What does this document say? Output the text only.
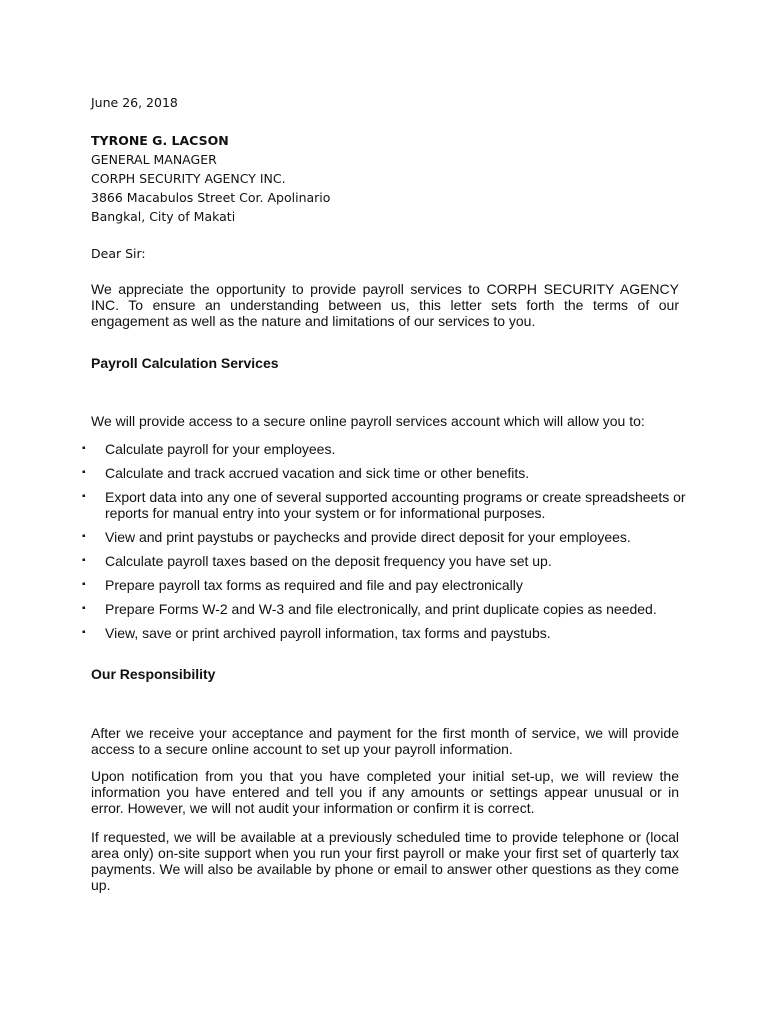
June 26, 2018
TYRONE G. LACSON
GENERAL MANAGER
CORPH SECURITY AGENCY INC.
3866 Macabulos Street Cor. Apolinario
Bangkal, City of Makati
Dear Sir:
We appreciate the opportunity to provide payroll services to CORPH SECURITY AGENCY INC. To ensure an understanding between us, this letter sets forth the terms of our engagement as well as the nature and limitations of our services to you.
Payroll Calculation Services
We will provide access to a secure online payroll services account which will allow you to:
▪ Calculate payroll for your employees.
▪ Calculate and track accrued vacation and sick time or other benefits.
▪ Export data into any one of several supported accounting programs or create spreadsheets or reports for manual entry into your system or for informational purposes.
▪ View and print paystubs or paychecks and provide direct deposit for your employees.
▪ Calculate payroll taxes based on the deposit frequency you have set up.
▪ Prepare payroll tax forms as required and file and pay electronically
▪ Prepare Forms W-2 and W-3 and file electronically, and print duplicate copies as needed.
▪ View, save or print archived payroll information, tax forms and paystubs.
Our Responsibility
After we receive your acceptance and payment for the first month of service, we will provide access to a secure online account to set up your payroll information.
Upon notification from you that you have completed your initial set-up, we will review the information you have entered and tell you if any amounts or settings appear unusual or in error. However, we will not audit your information or confirm it is correct.
If requested, we will be available at a previously scheduled time to provide telephone or (local area only) on-site support when you run your first payroll or make your first set of quarterly tax payments. We will also be available by phone or email to answer other questions as they come up.
